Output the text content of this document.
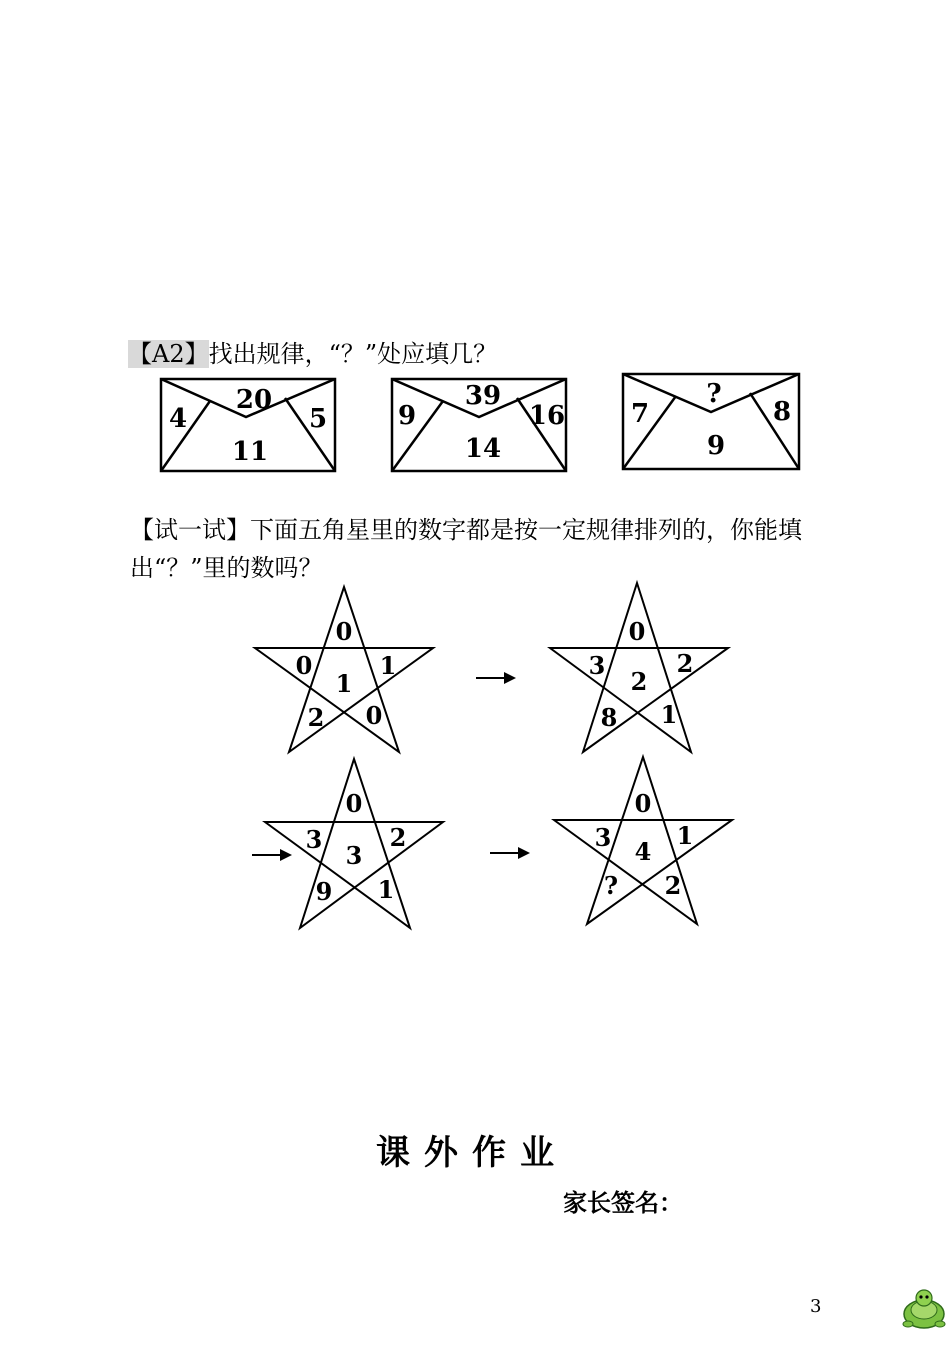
【A2】找出规律，“？”处应填几？
4
20
5
11
9
39
16
14
7
?
8
9
【试一试】下面五角星里的数字都是按一定规律排列的，你能填出“？”里的数吗？
0
0	1
1
2 0
0
3	2
2
8 1
0
3	2
3
9 1
0
3	1
4
? 2
课外作业
家长签名：
3
